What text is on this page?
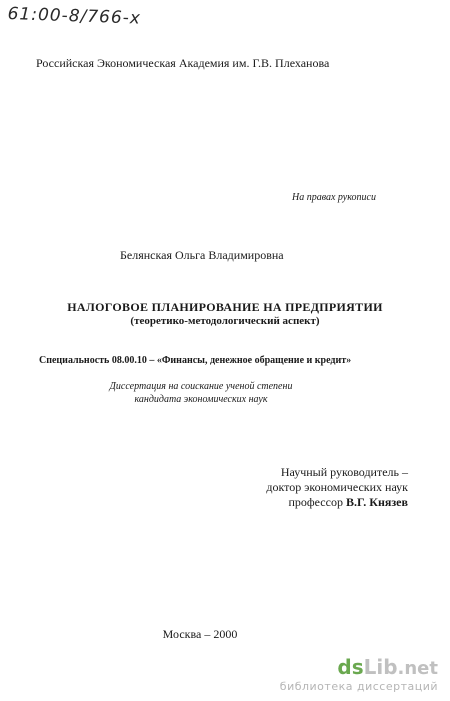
61:00-8/766-x
Российская Экономическая Академия им. Г.В. Плеханова
На правах рукописи
Белянская Ольга Владимировна
НАЛОГОВОЕ ПЛАНИРОВАНИЕ НА ПРЕДПРИЯТИИ
(теоретико-методологический аспект)
Специальность 08.00.10 – «Финансы, денежное обращение и кредит»
Диссертация на соискание ученой степени
кандидата экономических наук
Научный руководитель –
доктор экономических наук
профессор В.Г. Князев
Москва – 2000
dsLib.net
библиотека диссертаций
